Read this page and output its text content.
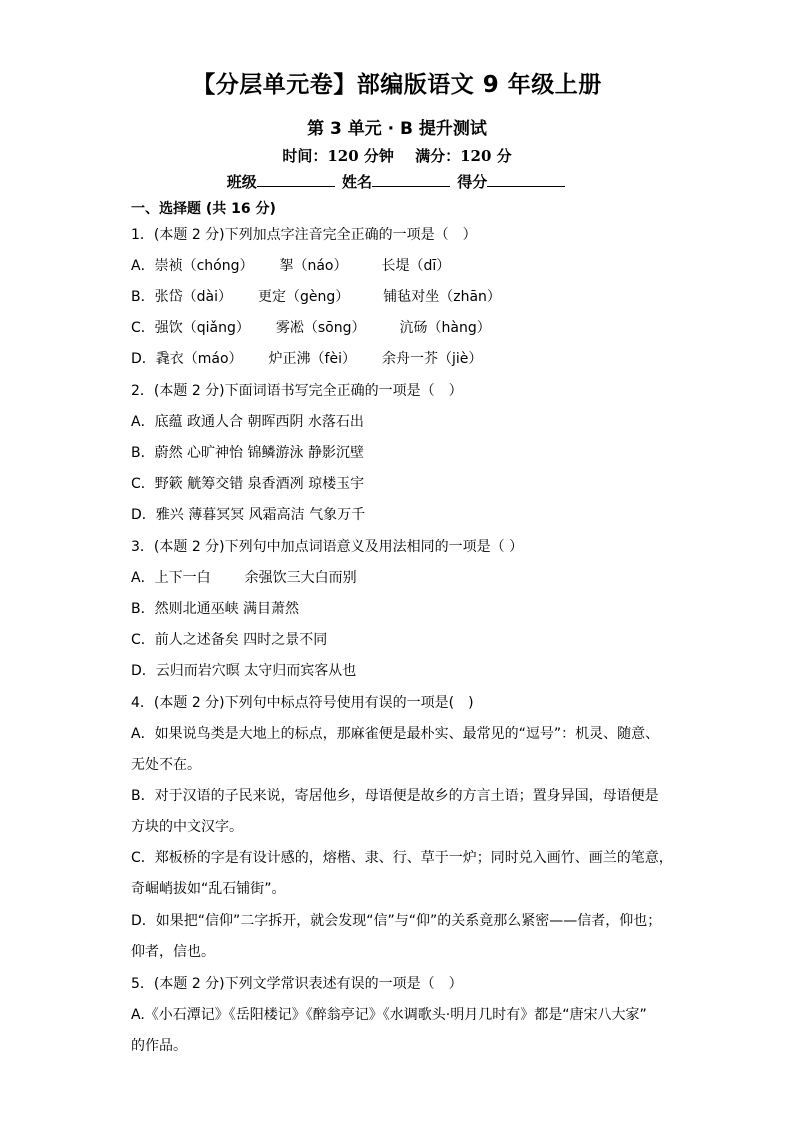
【分层单元卷】部编版语文 9 年级上册
第 3 单元 · B 提升测试
时间：120 分钟 满分：120 分
班级	姓名	得分
一、选择题 (共 16 分)
1．(本题 2 分)下列加点字注音完全正确的一项是（　）
A．崇祯（chóng） 挐（náo） 长堤（dī）
B．张岱（dài） 更定（gèng） 铺毡对坐（zhān）
C．强饮（qiǎng） 雾凇（sōng） 沆砀（hàng）
D．毳衣（máo） 炉正沸（fèi） 余舟一芥（jiè）
2．(本题 2 分)下面词语书写完全正确的一项是（　）
A．底蕴 政通人合 朝晖西阴 水落石出
B．蔚然 心旷神怡 锦鳞游泳 静影沉壁
C．野簌 觥筹交错 泉香酒冽 琼楼玉宇
D．雅兴 薄暮冥冥 风霜高洁 气象万千
3．(本题 2 分)下列句中加点词语意义及用法相同的一项是（ ）
A．上下一白 余强饮三大白而别
B．然则北通巫峡 满目萧然
C．前人之述备矣 四时之景不同
D．云归而岩穴暝 太守归而宾客从也
4．(本题 2 分)下列句中标点符号使用有误的一项是(　)
A．如果说鸟类是大地上的标点，那麻雀便是最朴实、最常见的“逗号”：机灵、随意、
无处不在。
B．对于汉语的子民来说，寄居他乡，母语便是故乡的方言土语；置身异国，母语便是
方块的中文汉字。
C．郑板桥的字是有设计感的，熔楷、隶、行、草于一炉；同时兑入画竹、画兰的笔意，
奇崛峭拔如“乱石铺街”。
D．如果把“信仰”二字拆开，就会发现“信”与“仰”的关系竟那么紧密——信者，仰也；
仰者，信也。
5．(本题 2 分)下列文学常识表述有误的一项是（　）
A.《小石潭记》《岳阳楼记》《醉翁亭记》《水调歌头·明月几时有》都是“唐宋八大家”
的作品。
